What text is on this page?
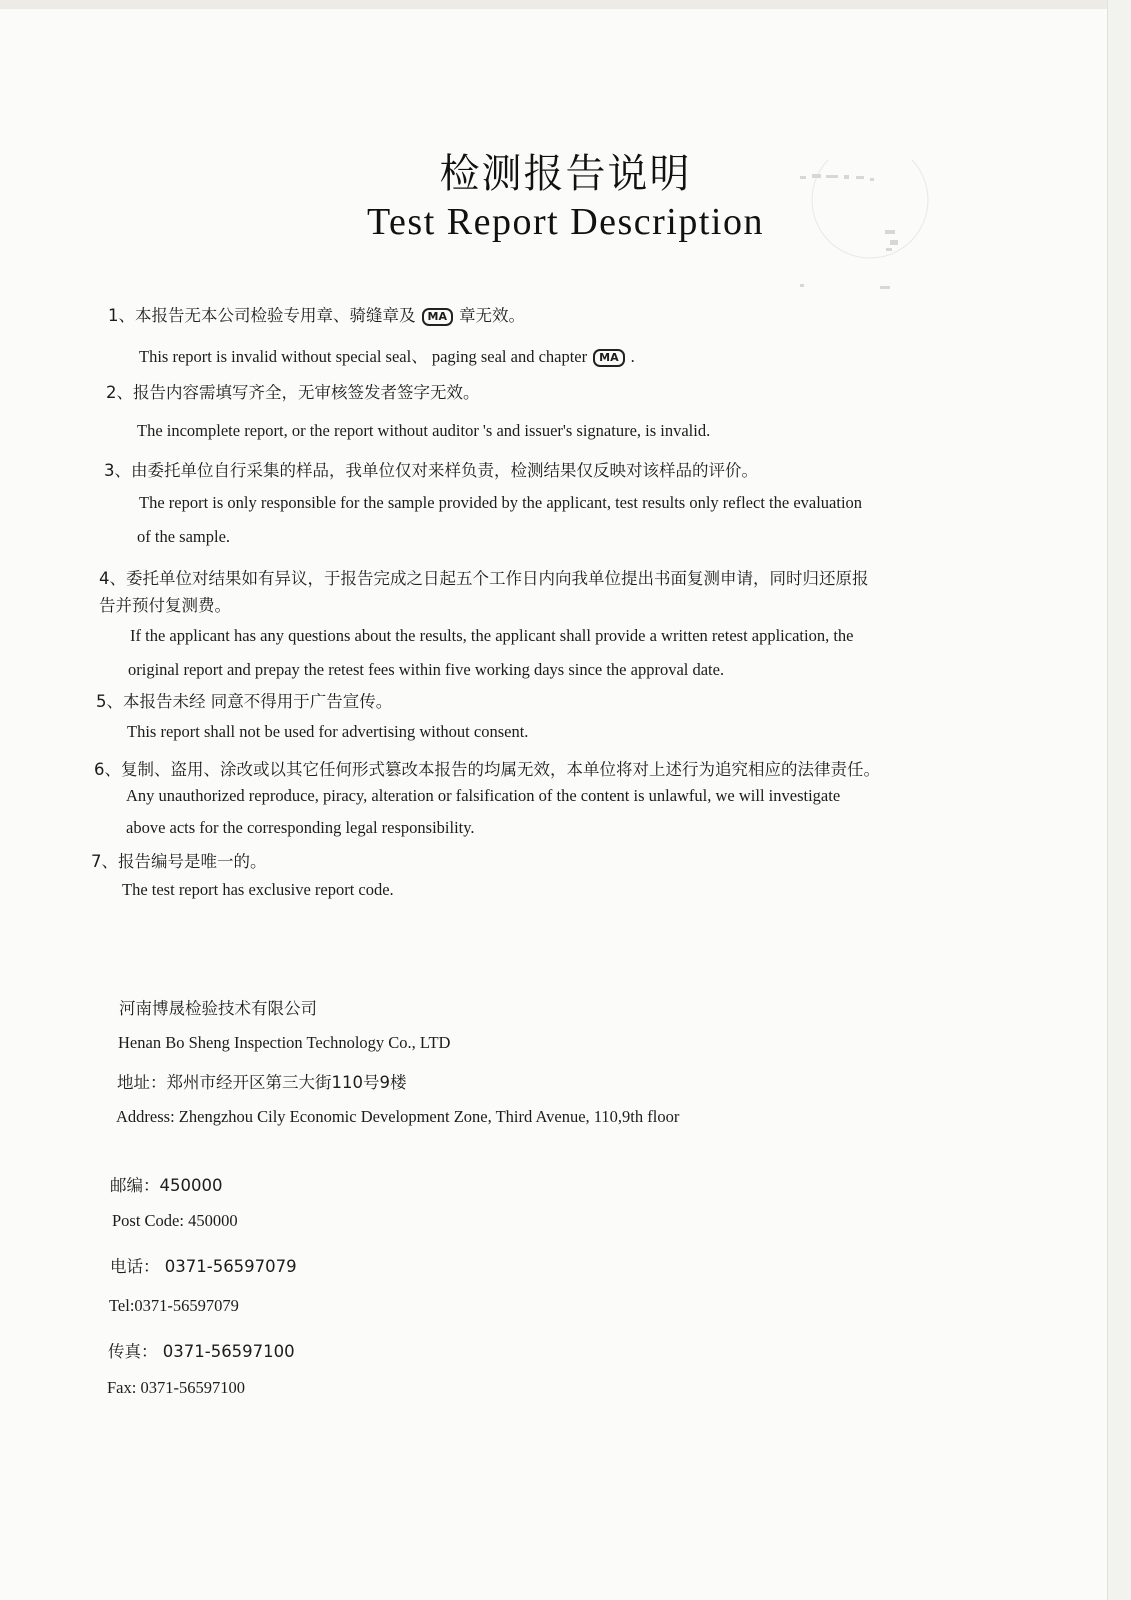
检测报告说明
Test Report Description
1、本报告无本公司检验专用章、骑缝章及 MA 章无效。
This report is invalid without special seal、 paging seal and chapter MA .
2、报告内容需填写齐全，无审核签发者签字无效。
The incomplete report, or the report without auditor 's and issuer's signature, is invalid.
3、由委托单位自行采集的样品，我单位仅对来样负责，检测结果仅反映对该样品的评价。
The report is only responsible for the sample provided by the applicant, test results only reflect the evaluation
of the sample.
4、委托单位对结果如有异议，于报告完成之日起五个工作日内向我单位提出书面复测申请，同时归还原报
告并预付复测费。
If the applicant has any questions about the results, the applicant shall provide a written retest application, the
original report and prepay the retest fees within five working days since the approval date.
5、本报告未经 同意不得用于广告宣传。
This report shall not be used for advertising without consent.
6、复制、盗用、涂改或以其它任何形式篡改本报告的均属无效，本单位将对上述行为追究相应的法律责任。
Any unauthorized reproduce, piracy, alteration or falsification of the content is unlawful, we will investigate
above acts for the corresponding legal responsibility.
7、报告编号是唯一的。
The test report has exclusive report code.
河南博晟检验技术有限公司
Henan Bo Sheng Inspection Technology Co., LTD
地址：郑州市经开区第三大街110号9楼
Address: Zhengzhou Cily Economic Development Zone, Third Avenue, 110,9th floor
邮编：450000
Post Code: 450000
电话： 0371-56597079
Tel:0371-56597079
传真： 0371-56597100
Fax: 0371-56597100
